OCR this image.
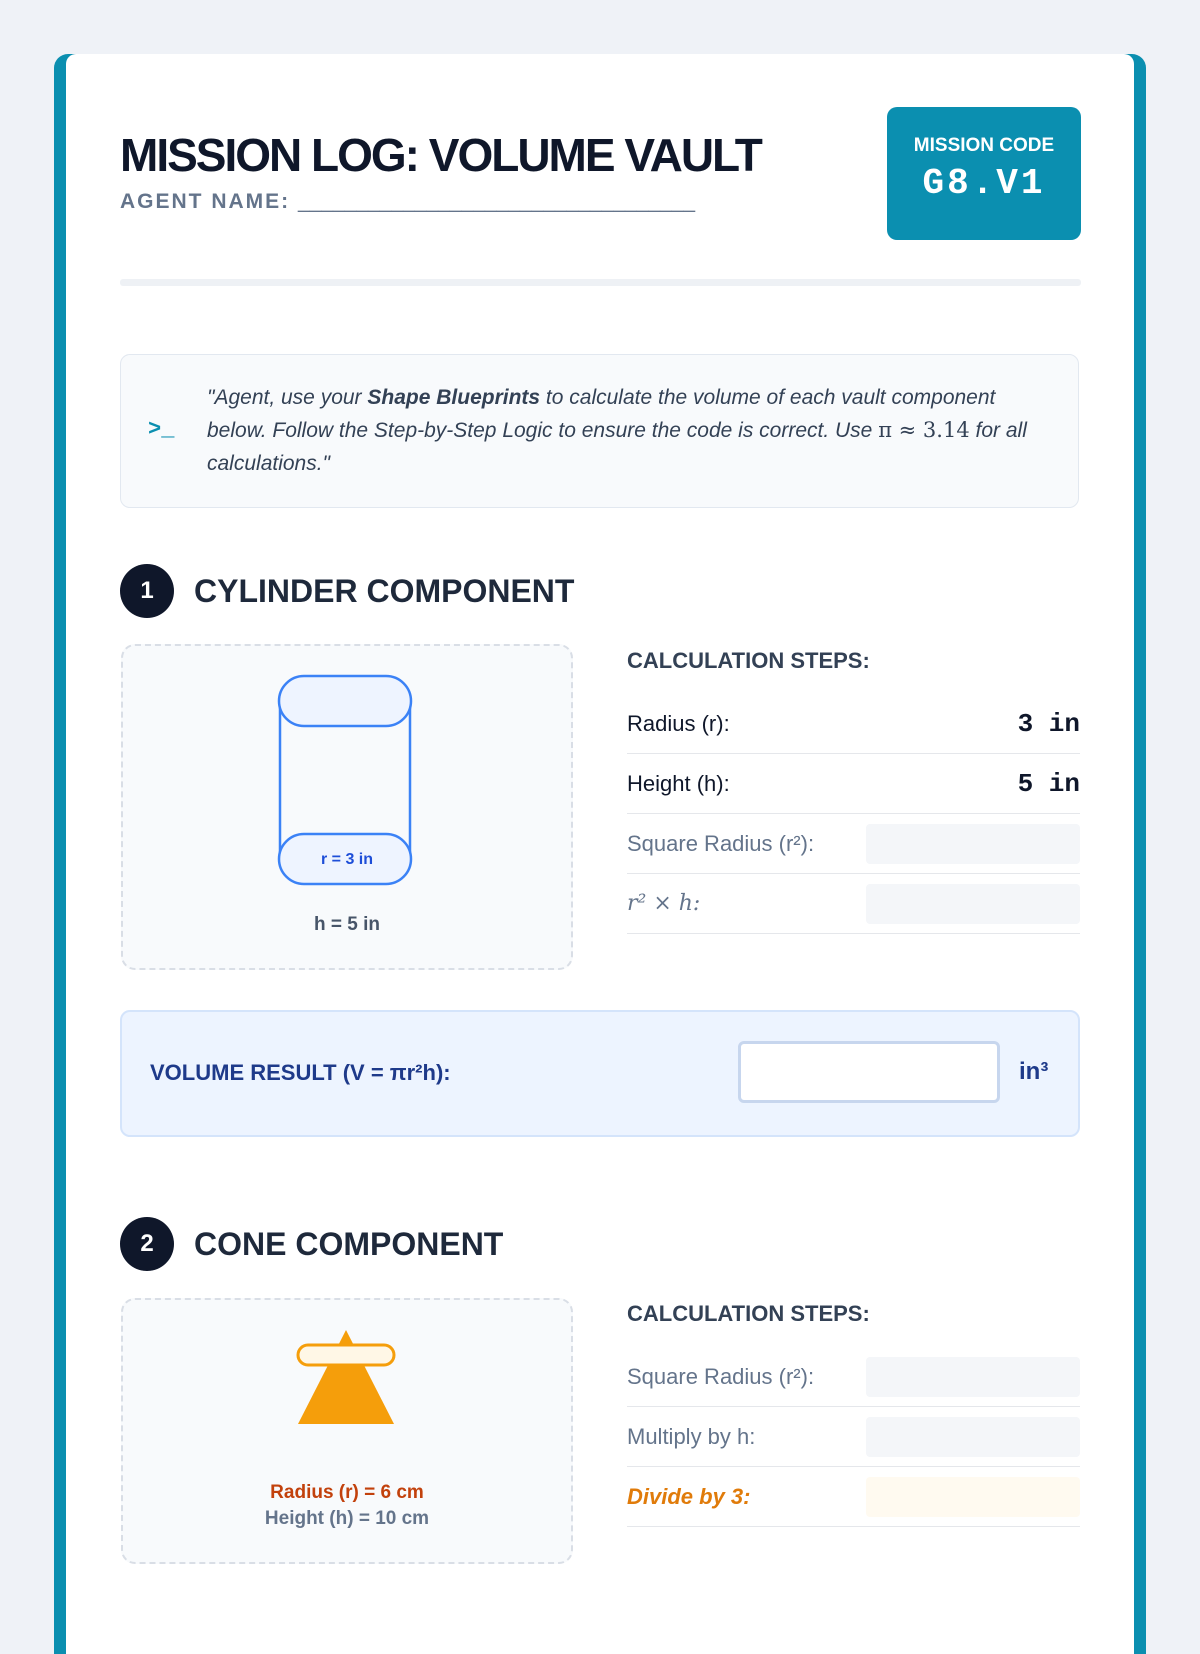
MISSION LOG: VOLUME VAULT
AGENT NAME: __________________________________
MISSION CODE
G8.V1
>_
"Agent, use your Shape Blueprints to calculate the volume of each vault component below. Follow the Step-by-Step Logic to ensure the code is correct. Use π ≈ 3.14 for all calculations."
1	CYLINDER COMPONENT
r = 3 in
h = 5 in
CALCULATION STEPS:
Radius (r):	3 in
Height (h):	5 in
Square Radius (r²):
r² × h:
VOLUME RESULT (V = πr²h):	in³
2	CONE COMPONENT
Radius (r) = 6 cm
Height (h) = 10 cm
CALCULATION STEPS:
Square Radius (r²):
Multiply by h:
Divide by 3:
